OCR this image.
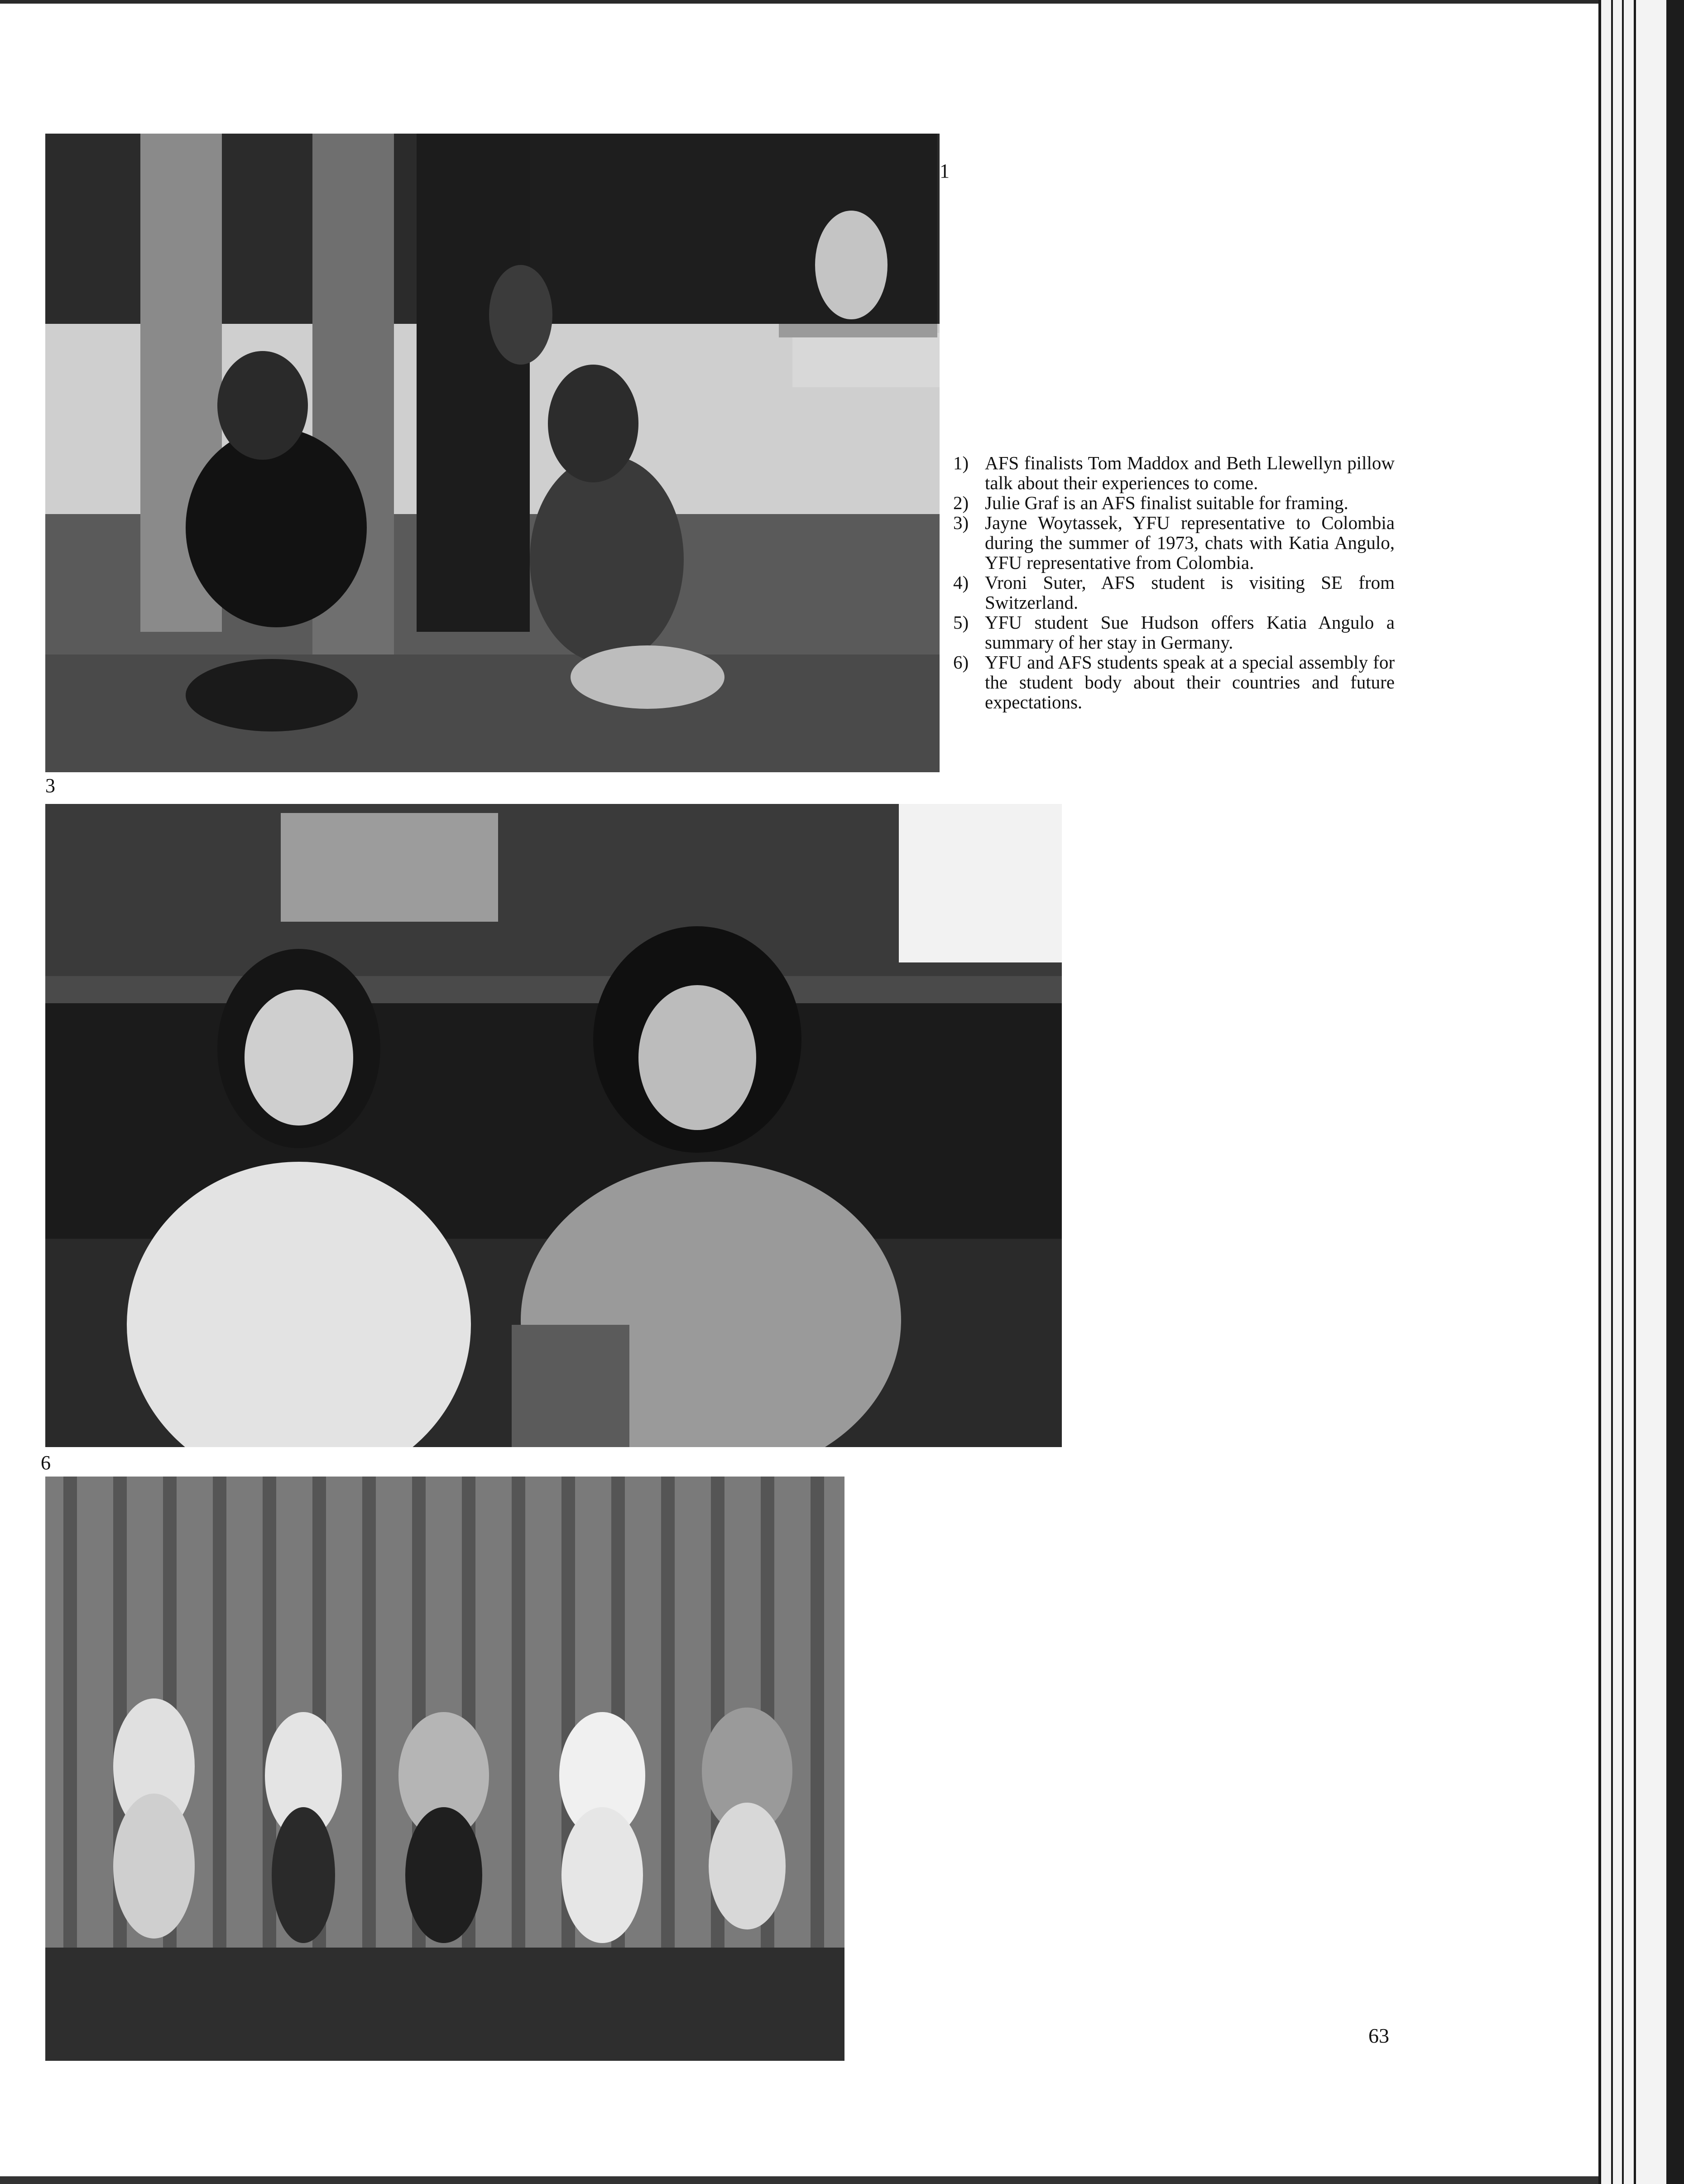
1
3
6
1) AFS finalists Tom Maddox and Beth Llewellyn pillow talk about their experiences to come.
2) Julie Graf is an AFS finalist suitable for framing.
3) Jayne Woytassek, YFU representative to Colombia during the summer of 1973, chats with Katia Angulo, YFU representative from Colombia.
4) Vroni Suter, AFS student is visiting SE from Switzerland.
5) YFU student Sue Hudson offers Katia Angulo a summary of her stay in Germany.
6) YFU and AFS students speak at a special assembly for the student body about their countries and future expectations.
63
